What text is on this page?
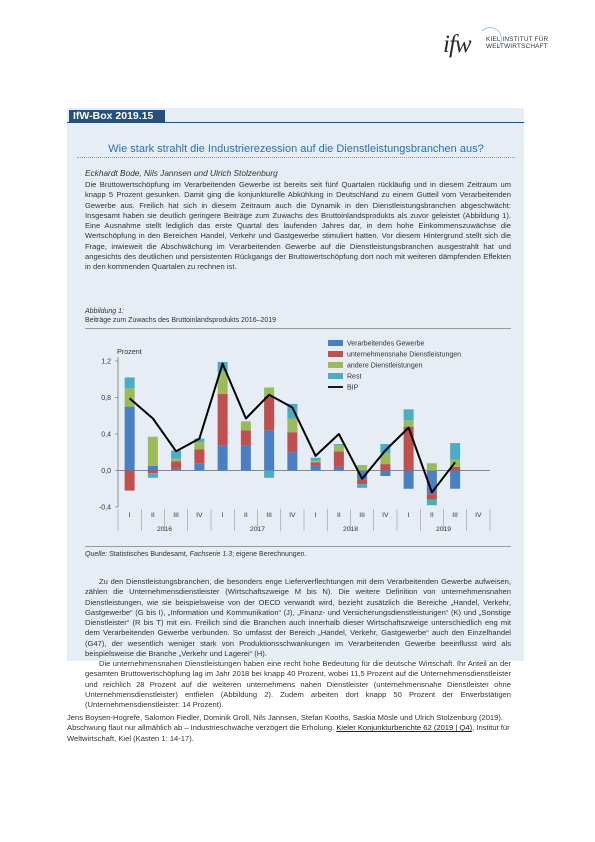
ifw KIEL INSTITUT FÜR
WELTWIRTSCHAFT
IfW-Box 2019.15
Wie stark strahlt die Industrierezession auf die Dienstleistungsbranchen aus?
Eckhardt Bode, Nils Jannsen und Ulrich Stolzenburg
Die Bruttowertschöpfung im Verarbeitenden Gewerbe ist bereits seit fünf Quartalen rückläufig und in diesem Zeitraum um knapp 5 Prozent gesunken. Damit ging die konjunkturelle Abkühlung in Deutschland zu einem Gutteil vom Verarbeitenden Gewerbe aus. Freilich hat sich in diesem Zeitraum auch die Dynamik in den Dienstleistungsbranchen abgeschwächt: Insgesamt haben sie deutlich geringere Beiträge zum Zuwachs des Bruttoinlandsprodukts als zuvor geleistet (Abbildung 1). Eine Ausnahme stellt lediglich das erste Quartal des laufenden Jahres dar, in dem hohe Einkommenszuwächse die Wertschöpfung in den Bereichen Handel, Verkehr und Gastgewerbe stimuliert hatten. Vor diesem Hintergrund stellt sich die Frage, inwieweit die Abschwächung im Verarbeitenden Gewerbe auf die Dienstleistungsbranchen ausgestrahlt hat und angesichts des deutlichen und persistenten Rückgangs der Bruttowertschöpfung dort noch mit weiteren dämpfenden Effekten in den kommenden Quartalen zu rechnen ist.
Abbildung 1:
Beiträge zum Zuwachs des Bruttoinlandsprodukts 2016–2019
Prozent
1,2
0,8
0,4
0,0
-0,4
I	II	III	IV	I	II	III	IV	I	II	III	IV	I	II	III	IV
2016	2017	2018	2019
Verarbeitendes Gewerbe
unternehmensnahe Dienstleistungen
andere Dienstleistungen
Rest
BIP
Quelle: Statistisches Bundesamt, Fachserie 1.3; eigene Berechnungen.
Zu den Dienstleistungsbranchen, die besonders enge Lieferverflechtungen mit dem Verarbeitenden Gewerbe aufweisen, zählen die Unternehmensdienstleister (Wirtschaftszweige M bis N). Die weitere Definition von unternehmensnahen Dienstleistungen, wie sie beispielsweise von der OECD verwandt wird, bezieht zusätzlich die Bereiche „Handel, Verkehr, Gastgewerbe“ (G bis I), „Information und Kommunikation“ (J), „Finanz- und Versicherungsdienstleistungen“ (K) und „Sonstige Dienstleister“ (R bis T) mit ein. Freilich sind die Branchen auch innerhalb dieser Wirtschaftszweige unterschiedlich eng mit dem Verarbeitenden Gewerbe verbunden. So umfasst der Bereich „Handel, Verkehr, Gastgewerbe“ auch den Einzelhandel (G47), der wesentlich weniger stark von Produktionsschwankungen im Verarbeitenden Gewerbe beeinflusst wird als beispielsweise die Branche „Verkehr und Lagerei“ (H).
Die unternehmensnahen Dienstleistungen haben eine recht hohe Bedeutung für die deutsche Wirtschaft. Ihr Anteil an der gesamten Bruttowertschöpfung lag im Jahr 2018 bei knapp 40 Prozent, wobei 11,5 Prozent auf die Unternehmensdienstleister und reichlich 28 Prozent auf die weiteren unternehmens nahen Dienstleister (unternehmensnahe Dienstleister ohne Unternehmensdienstleister) entfielen (Abbildung 2). Zudem arbeiten dort knapp 50 Prozent der Erwerbstätigen (Unternehmensdienstleister: 14 Prozent).
Jens Boysen-Hogrefe, Salomon Fiedler, Dominik Groll, Nils Jannsen, Stefan Kooths, Saskia Mösle und Ulrich Stolzenburg (2019). Abschwung flaut nur allmählich ab – Industrieschwäche verzögert die Erholung. Kieler Konjunkturberichte 62 (2019 | Q4), Institut für Weltwirtschaft, Kiel (Kasten 1: 14-17).
